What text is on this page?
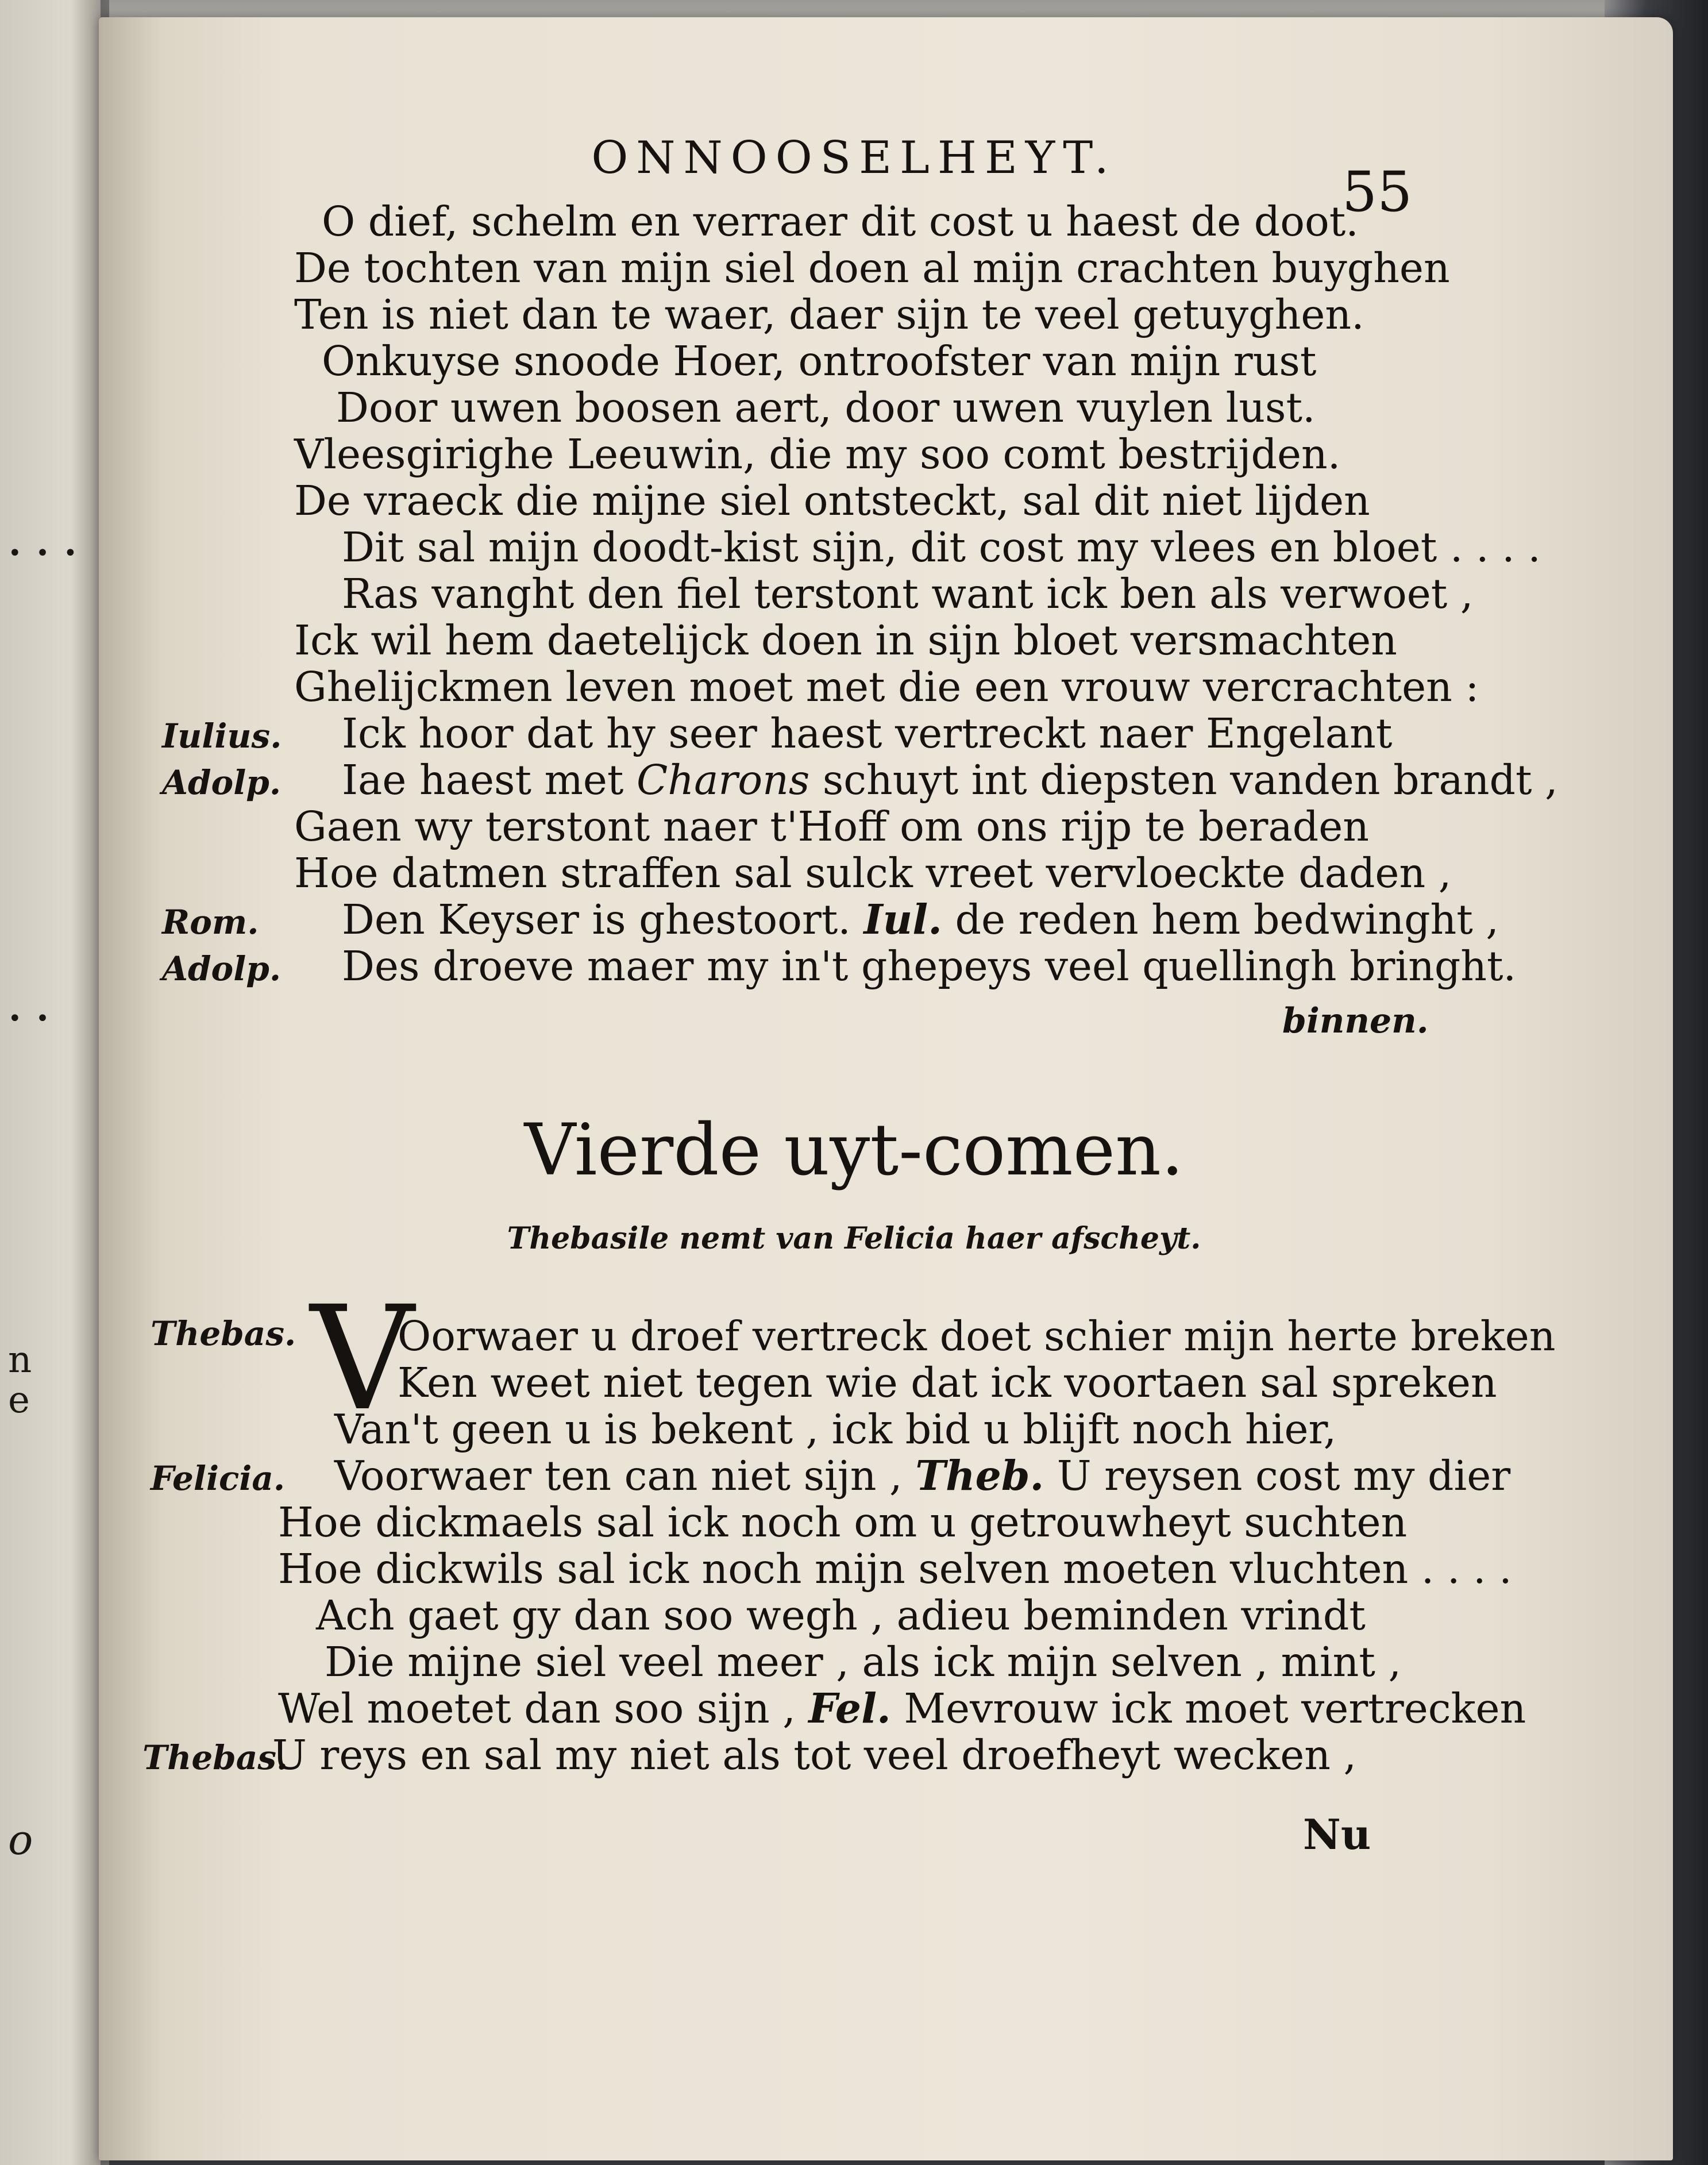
• • •
• •
n
e
o
ONNOOSELHEYT.
55
O dief, schelm en verraer dit cost u haest de doot.
De tochten van mijn siel doen al mijn crachten buyghen
Ten is niet dan te waer, daer sijn te veel getuyghen.
Onkuyse snoode Hoer, ontroofster van mijn rust
Door uwen boosen aert, door uwen vuylen lust.
Vleesgirighe Leeuwin, die my soo comt bestrijden.
De vraeck die mijne siel ontsteckt, sal dit niet lijden
Dit sal mijn doodt-kist sijn, dit cost my vlees en bloet . . . .
Ras vanght den fiel terstont want ick ben als verwoet ,
Ick wil hem daetelijck doen in sijn bloet versmachten
Ghelijckmen leven moet met die een vrouw vercrachten :
Iulius. Ick hoor dat hy seer haest vertreckt naer Engelant
Adolp. Iae haest met Charons schuyt int diepsten vanden brandt ,
Gaen wy terstont naer t'Hoff om ons rijp te beraden
Hoe datmen straffen sal sulck vreet vervloeckte daden ,
Rom. Den Keyser is ghestoort. Iul. de reden hem bedwinght ,
Adolp. Des droeve maer my in't ghepeys veel quellingh bringht.
binnen.
Vierde uyt-comen.
Thebasile nemt van Felicia haer afscheyt.
V
Thebas. Oorwaer u droef vertreck doet schier mijn herte breken
Ken weet niet tegen wie dat ick voortaen sal spreken
Van't geen u is bekent , ick bid u blijft noch hier,
Felicia. Voorwaer ten can niet sijn , Theb. U reysen cost my dier
Hoe dickmaels sal ick noch om u getrouwheyt suchten
Hoe dickwils sal ick noch mijn selven moeten vluchten . . . .
Ach gaet gy dan soo wegh , adieu beminden vrindt
Die mijne siel veel meer , als ick mijn selven , mint ,
Wel moetet dan soo sijn , Fel. Mevrouw ick moet vertrecken
Thebas.
U reys en sal my niet als tot veel droefheyt wecken ,
Nu
